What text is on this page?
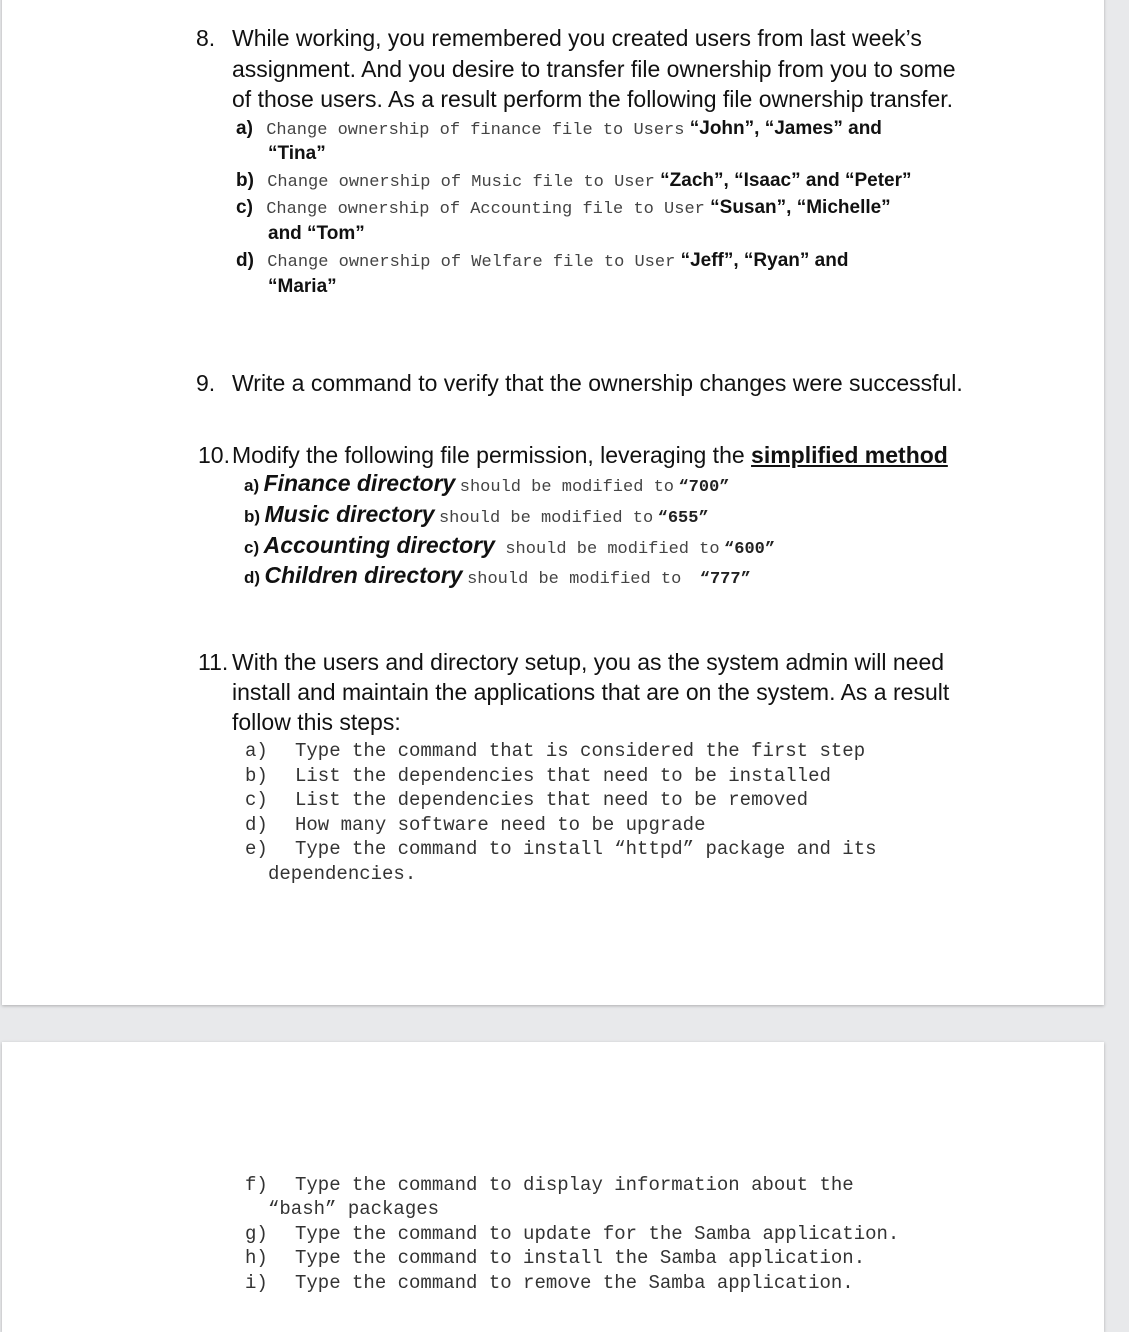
8. While working, you remembered you created users from last week’s
assignment. And you desire to transfer file ownership from you to some
of those users. As a result perform the following file ownership transfer.
a) Change ownership of finance file to Users “John”, “James” and
“Tina”
b) Change ownership of Music file to User “Zach”, “Isaac” and “Peter”
c) Change ownership of Accounting file to User “Susan”, “Michelle”
and “Tom”
d) Change ownership of Welfare file to User “Jeff”, “Ryan” and
“Maria”
9. Write a command to verify that the ownership changes were successful.
10. Modify the following file permission, leveraging the simplified method
a) Finance directory should be modified to “700”
b) Music directory should be modified to “655”
c) Accounting directory should be modified to “600”
d) Children directory should be modified to “777”
11. With the users and directory setup, you as the system admin will need
install and maintain the applications that are on the system. As a result
follow this steps:
a) Type the command that is considered the first step
b) List the dependencies that need to be installed
c) List the dependencies that need to be removed
d) How many software need to be upgrade
e) Type the command to install “httpd” package and its
dependencies.
f) Type the command to display information about the
“bash” packages
g) Type the command to update for the Samba application.
h) Type the command to install the Samba application.
i) Type the command to remove the Samba application.
